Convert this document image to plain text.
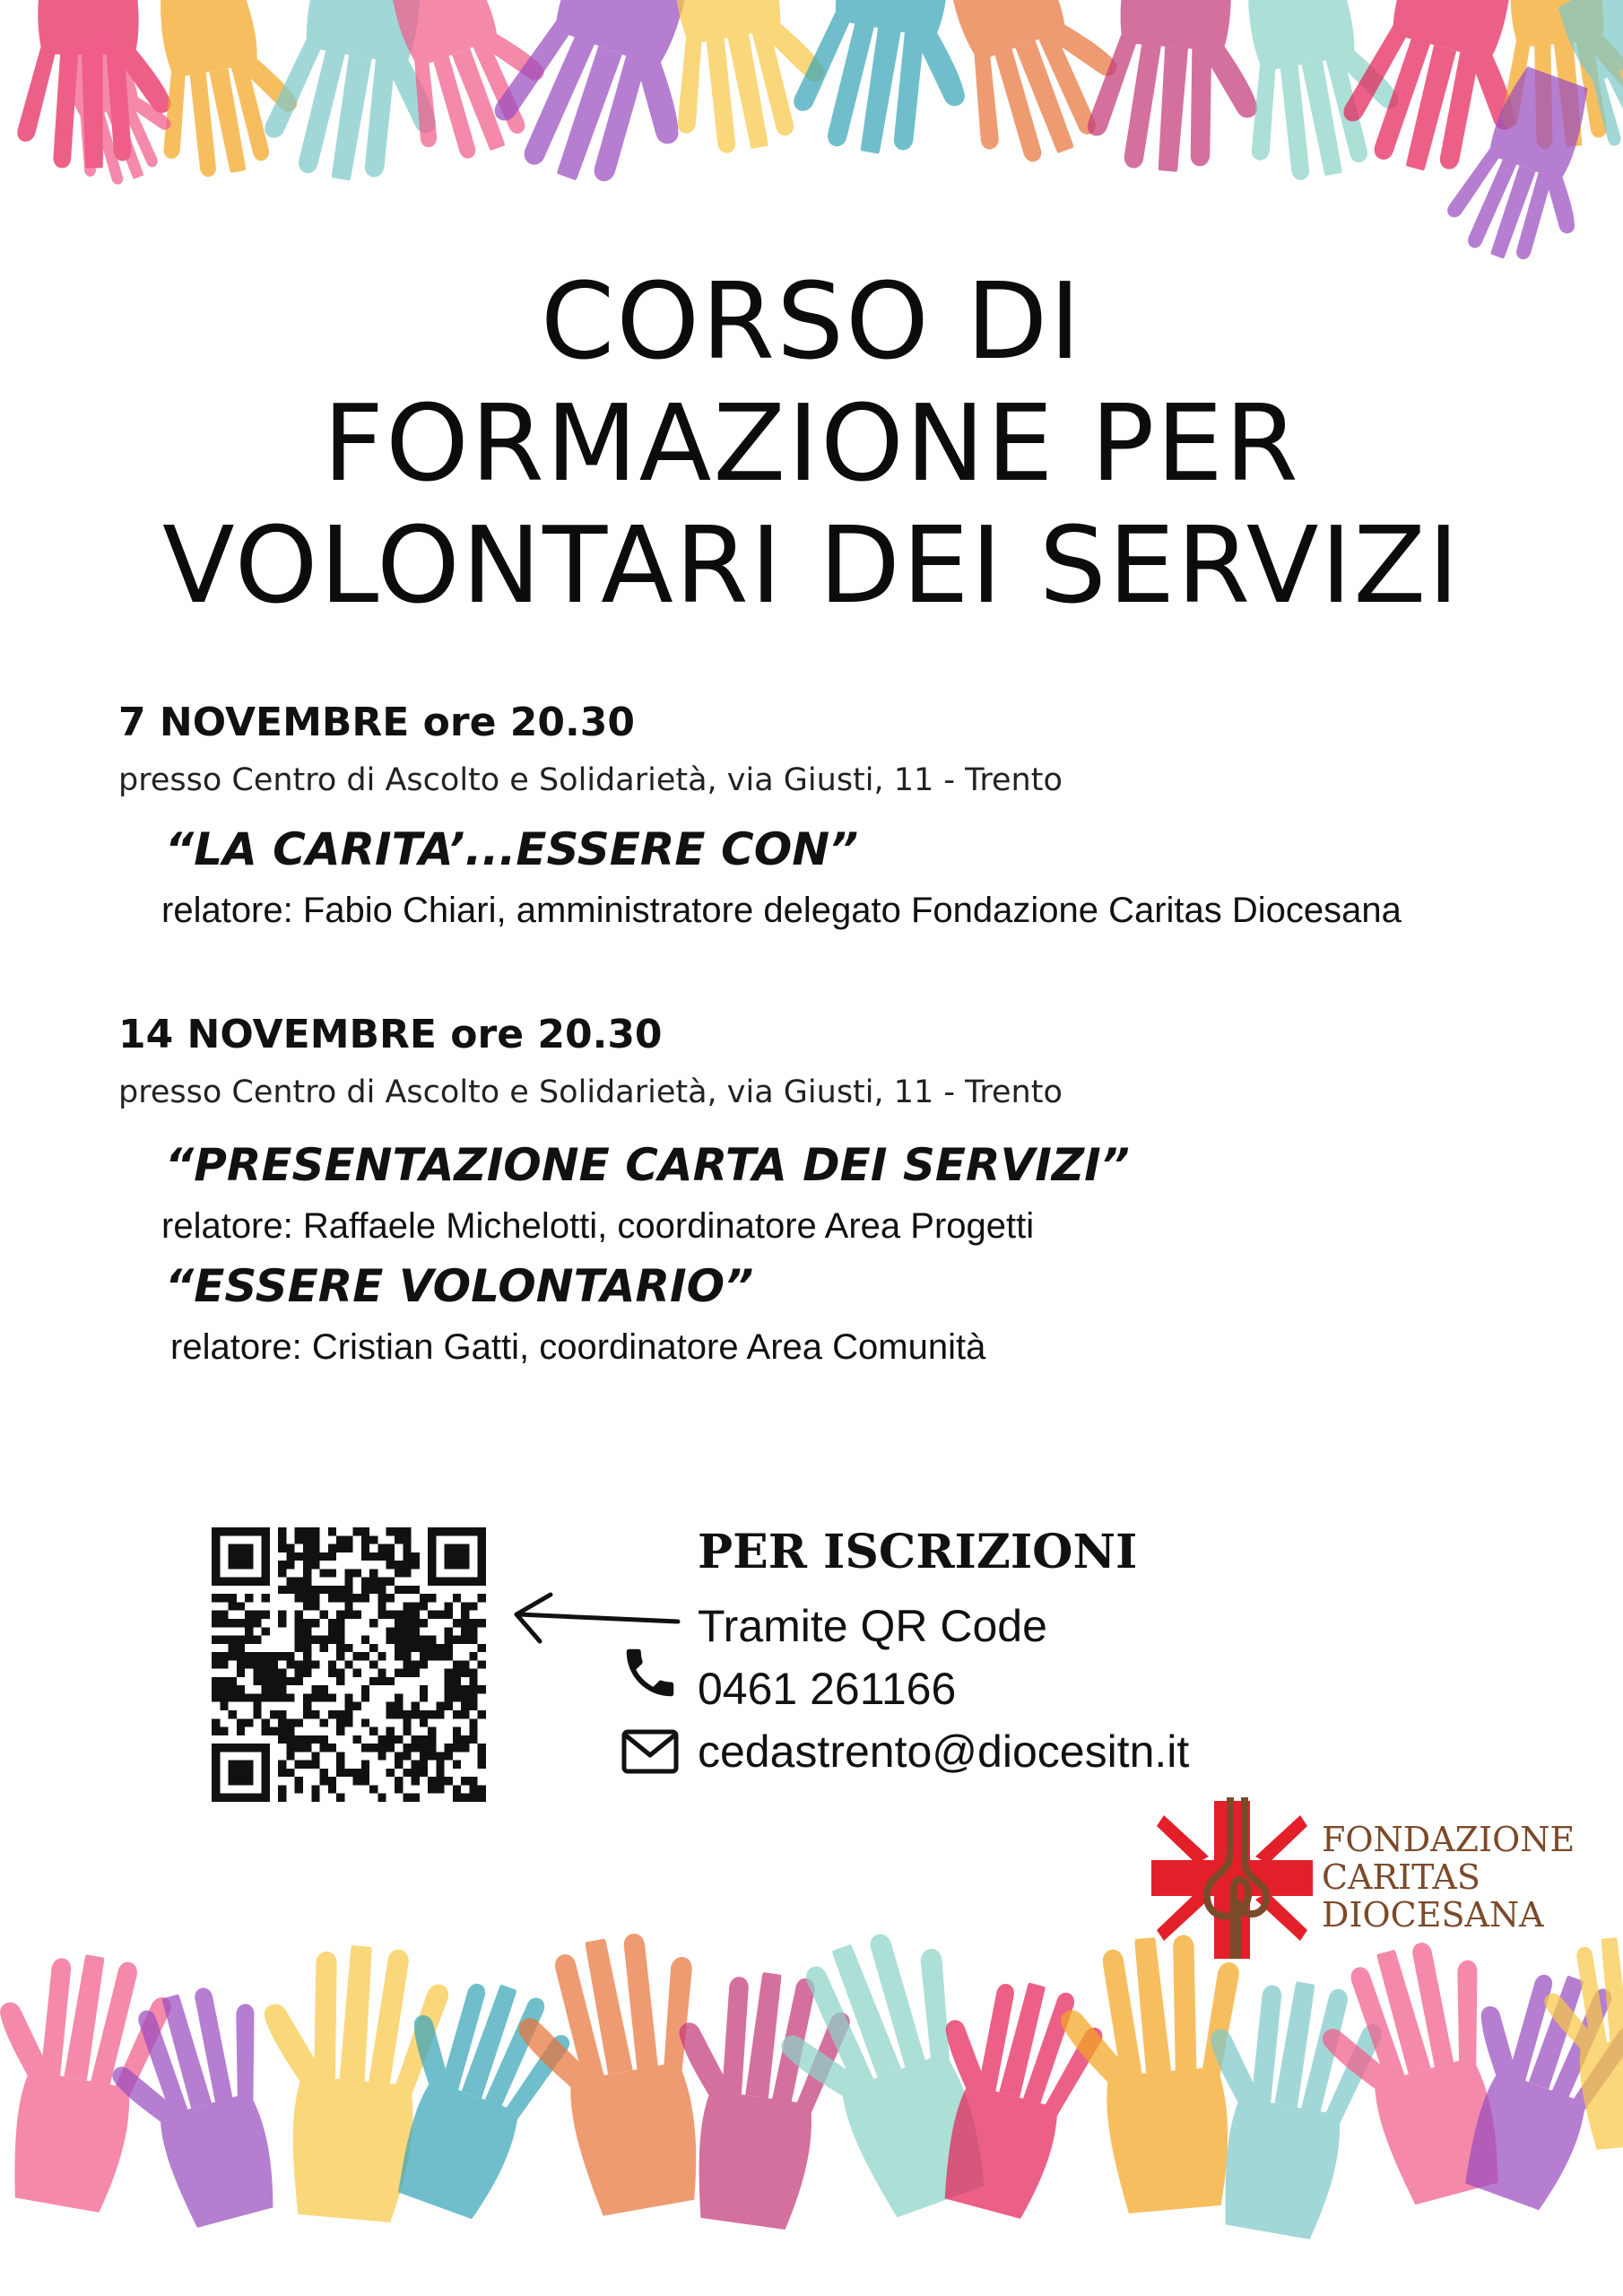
CORSO DI
FORMAZIONE PER
VOLONTARI DEI SERVIZI
7 NOVEMBRE ore 20.30
presso Centro di Ascolto e Solidarietà, via Giusti, 11 - Trento
“LA CARITA’...ESSERE CON”
relatore: Fabio Chiari, amministratore delegato Fondazione Caritas Diocesana
14 NOVEMBRE ore 20.30
presso Centro di Ascolto e Solidarietà, via Giusti, 11 - Trento
“PRESENTAZIONE CARTA DEI SERVIZI”
relatore: Raffaele Michelotti, coordinatore Area Progetti
“ESSERE VOLONTARIO”
relatore: Cristian Gatti, coordinatore Area Comunità
PER ISCRIZIONI
Tramite QR Code
0461 261166
cedastrento@diocesitn.it
FONDAZIONE
CARITAS
DIOCESANA
